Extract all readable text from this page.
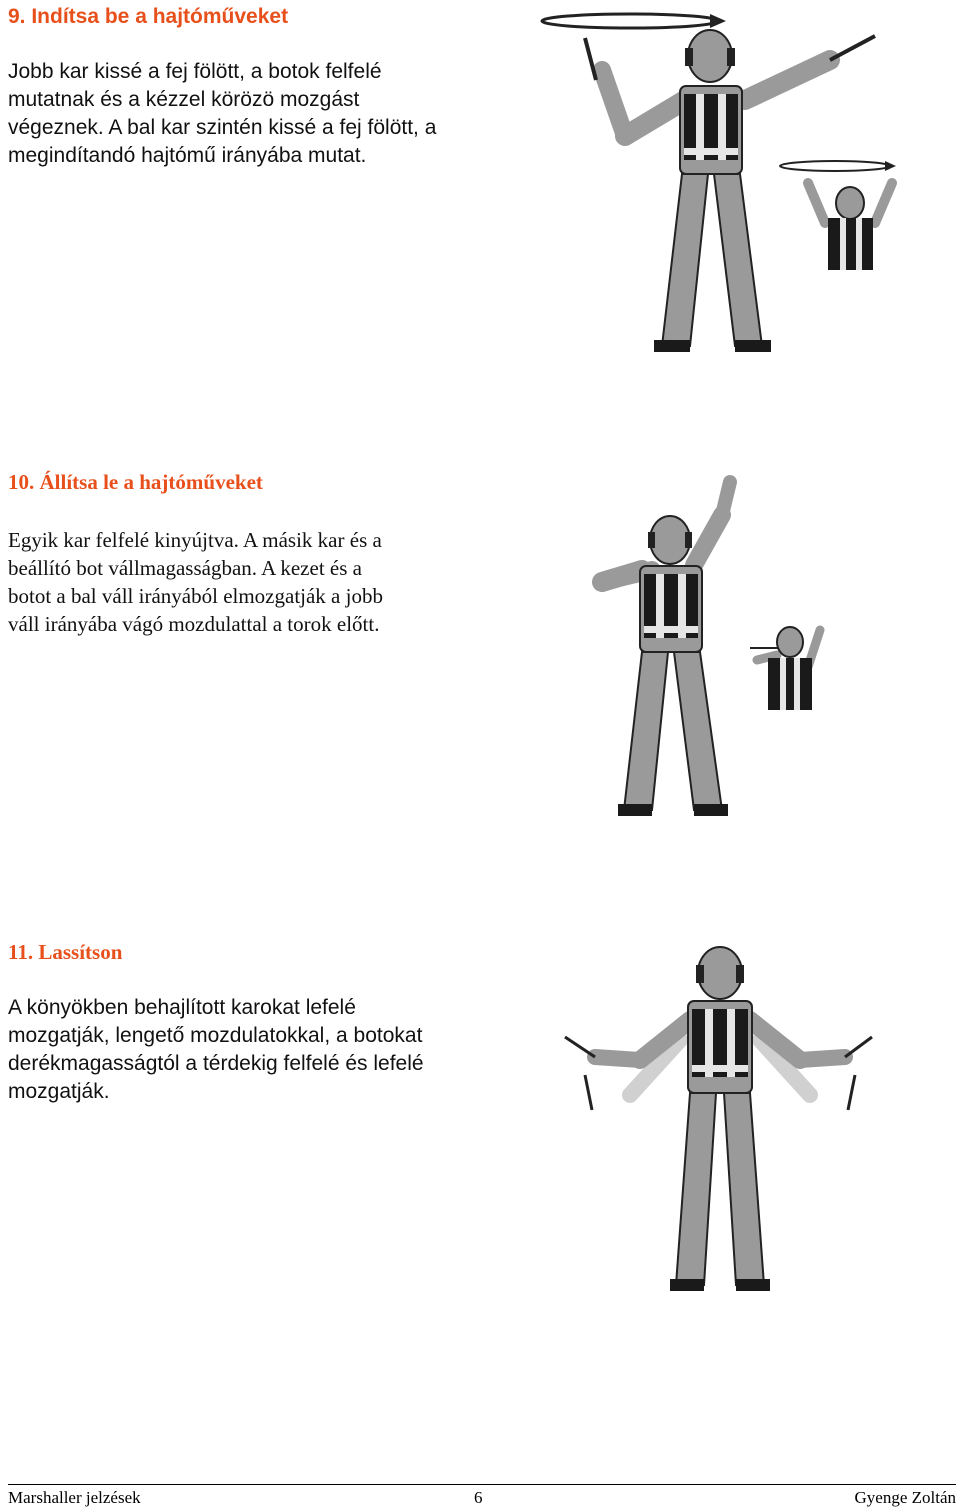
9. Indítsa be a hajtóműveket

Jobb kar kissé a fej fölött, a botok felfelé
mutatnak és a kézzel körözö mozgást
végeznek. A bal kar szintén kissé a fej fölött, a
megindítandó hajtómű irányába mutat.

10. Állítsa le a hajtóműveket

Egyik kar felfelé kinyújtva. A másik kar és a
beállító bot vállmagasságban. A kezet és a
botot a bal váll irányából elmozgatják a jobb
váll irányába vágó mozdulattal a torok előtt.

11. Lassítson

A könyökben behajlított karokat lefelé
mozgatják, lengető mozdulatokkal, a botokat
derékmagasságtól a térdekig felfelé és lefelé
mozgatják.

Marshaller jelzések	6	Gyenge Zoltán
